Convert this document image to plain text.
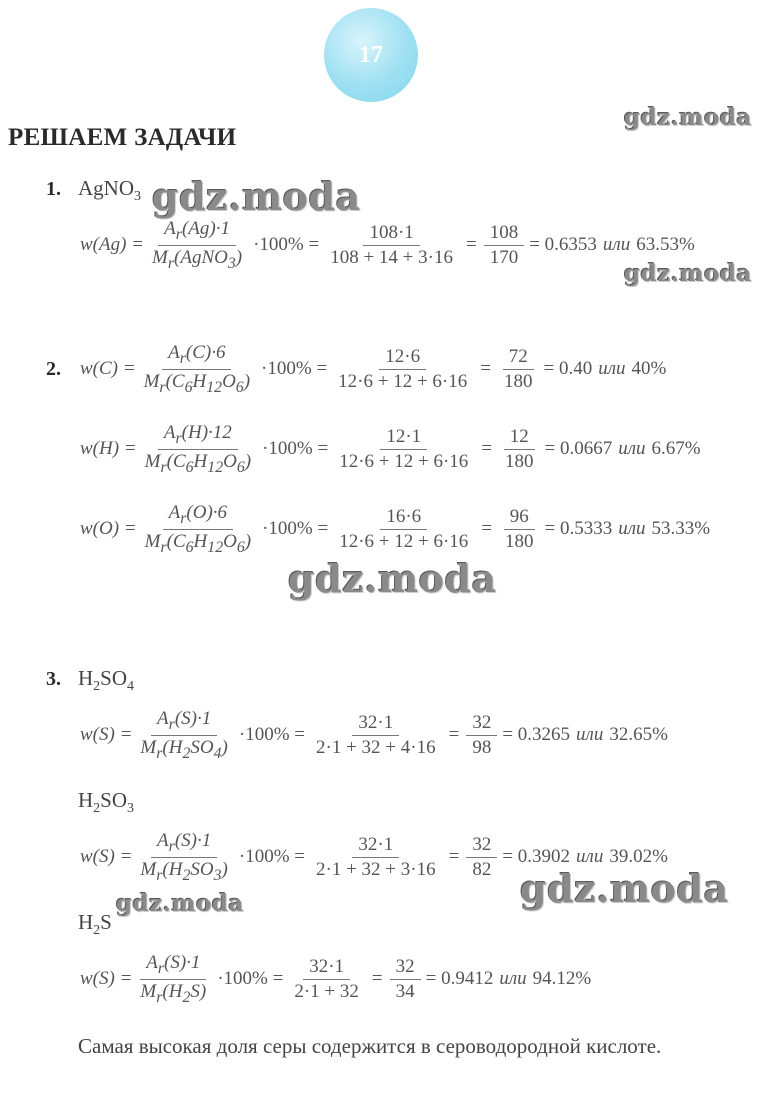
17
РЕШАЕМ ЗАДАЧИ
1. AgNO$_3$
$w(Ag) = \frac{A_r(Ag)\cdot 1}{M_r(AgNO_3)} \cdot 100\% = \frac{108\cdot 1}{108 + 14 + 3\cdot 16} = \frac{108}{170} = 0.6353$ или 63.53%
2. $w(C) = \frac{A_r(C)\cdot 6}{M_r(C_6H_{12}O_6)} \cdot 100\% = \frac{12\cdot 6}{12\cdot 6 + 12 + 6\cdot 16} = \frac{72}{180} = 0.40$ или 40%
$w(H) = \frac{A_r(H)\cdot 12}{M_r(C_6H_{12}O_6)} \cdot 100\% = \frac{12\cdot 1}{12\cdot 6 + 12 + 6\cdot 16} = \frac{12}{180} = 0.0667$ или 6.67%
$w(O) = \frac{A_r(O)\cdot 6}{M_r(C_6H_{12}O_6)} \cdot 100\% = \frac{16\cdot 6}{12\cdot 6 + 12 + 6\cdot 16} = \frac{96}{180} = 0.5333$ или 53.33%
3. $H_2SO_4$
$w(S) = \frac{A_r(S)\cdot 1}{M_r(H_2SO_4)} \cdot 100\% = \frac{32\cdot 1}{2\cdot 1 + 32 + 4\cdot 16} = \frac{32}{98} = 0.3265$ или 32.65%
$H_2SO_3$
$w(S) = \frac{A_r(S)\cdot 1}{M_r(H_2SO_3)} \cdot 100\% = \frac{32\cdot 1}{2\cdot 1 + 32 + 3\cdot 16} = \frac{32}{82} = 0.3902$ или 39.02%
$H_2S$
$w(S) = \frac{A_r(S)\cdot 1}{M_r(H_2S)} \cdot 100\% = \frac{32\cdot 1}{2\cdot 1 + 32} = \frac{32}{34} = 0.9412$ или 94.12%
Самая высокая доля серы содержится в сероводородной кислоте.
gdz.moda
gdz.moda
gdz.moda
gdz.moda
gdz.moda
gdz.moda
